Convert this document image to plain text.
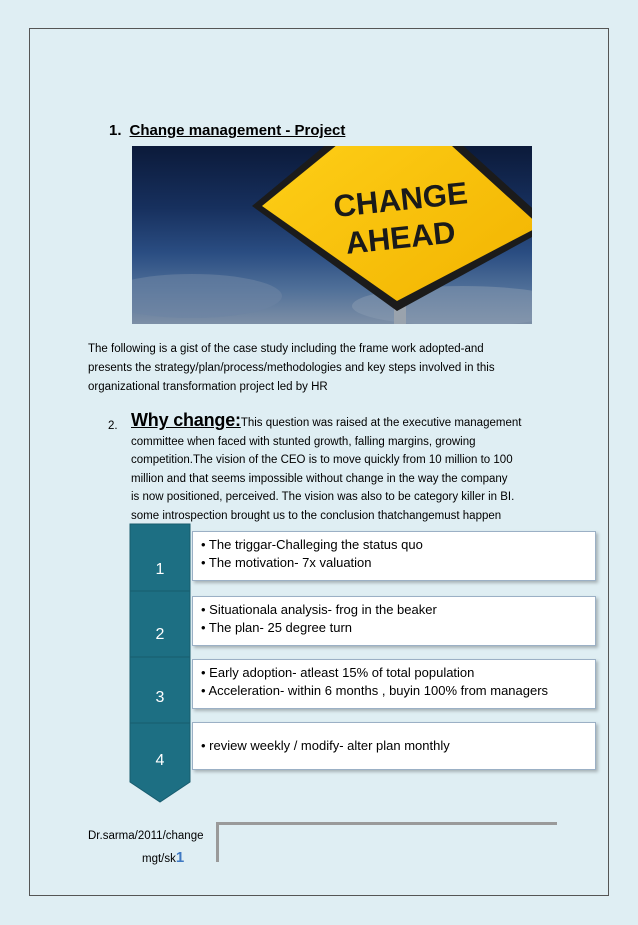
1. Change management - Project
CHANGE
AHEAD
The following is a gist of the case study including the frame work adopted-and
presents the strategy/plan/process/methodologies and key steps involved in this
organizational transformation project led by HR
2. Why change:This question was raised at the executive management
committee when faced with stunted growth, falling margins, growing
competition.The vision of the CEO is to move quickly from 10 million to 100
million and that seems impossible without change in the way the company
is now positioned, perceived. The vision was also to be category killer in BI.
some introspection brought us to the conclusion thatchangemust happen
1
2
3
4
• The triggar-Challeging the status quo
• The motivation- 7x valuation
• Situationala analysis- frog in the beaker
• The plan- 25 degree turn
• Early adoption- atleast 15% of total population
• Acceleration- within 6 months , buyin 100% from managers
• review weekly / modify- alter plan monthly
Dr.sarma/2011/change
mgt/sk1
